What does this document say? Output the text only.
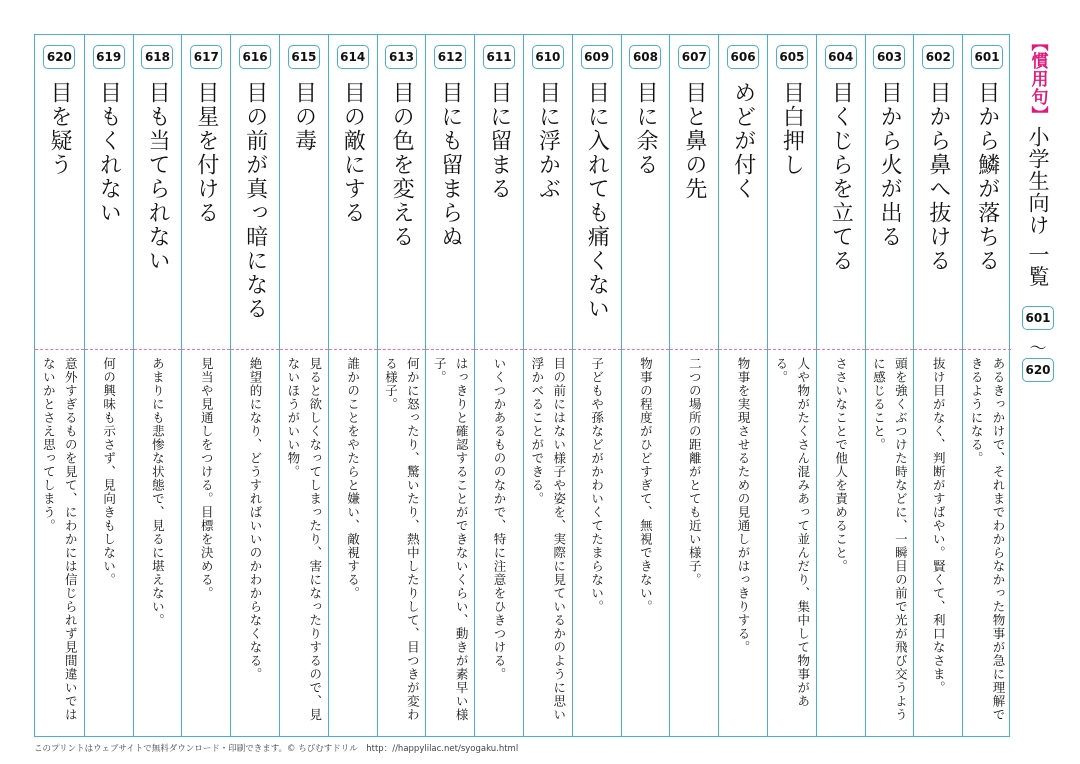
601
目から鱗が落ちる
あるきっかけで、それまでわからなかった物事が急に理解できるようになる。
602
目から鼻へ抜ける
抜け目がなく、判断がすばやい。賢くて、利口なさま。
603
目から火が出る
頭を強くぶつけた時などに、一瞬目の前で光が飛び交うように感じること。
604
目くじらを立てる
ささいなことで他人を責めること。
605
目白押し
人や物がたくさん混みあって並んだり、集中して物事がある。
606
めどが付く
物事を実現させるための見通しがはっきりする。
607
目と鼻の先
二つの場所の距離がとても近い様子。
608
目に余る
物事の程度がひどすぎて、無視できない。
609
目に入れても痛くない
子どもや孫などがかわいくてたまらない。
610
目に浮かぶ
目の前にはない様子や姿を、実際に見ているかのように思い浮かべることができる。
611
目に留まる
いくつかあるもののなかで、特に注意をひきつける。
612
目にも留まらぬ
はっきりと確認することができないくらい、動きが素早い様子。
613
目の色を変える
何かに怒ったり、驚いたり、熱中したりして、目つきが変わる様子。
614
目の敵にする
誰かのことをやたらと嫌い、敵視する。
615
目の毒
見ると欲しくなってしまったり、害になったりするので、見ないほうがいい物。
616
目の前が真っ暗になる
絶望的になり、どうすればいいのかわからなくなる。
617
目星を付ける
見当や見通しをつける。目標を決める。
618
目も当てられない
あまりにも悲惨な状態で、見るに堪えない。
619
目もくれない
何の興味も示さず、見向きもしない。
620
目を疑う
意外すぎるものを見て、にわかには信じられず見間違いではないかとさえ思ってしまう。
【慣用句】
小学生向け 一覧
601
〜
620
このプリントはウェブサイトで無料ダウンロード・印刷できます。© ちびむすドリル　http：//happylilac.net/syogaku.html
